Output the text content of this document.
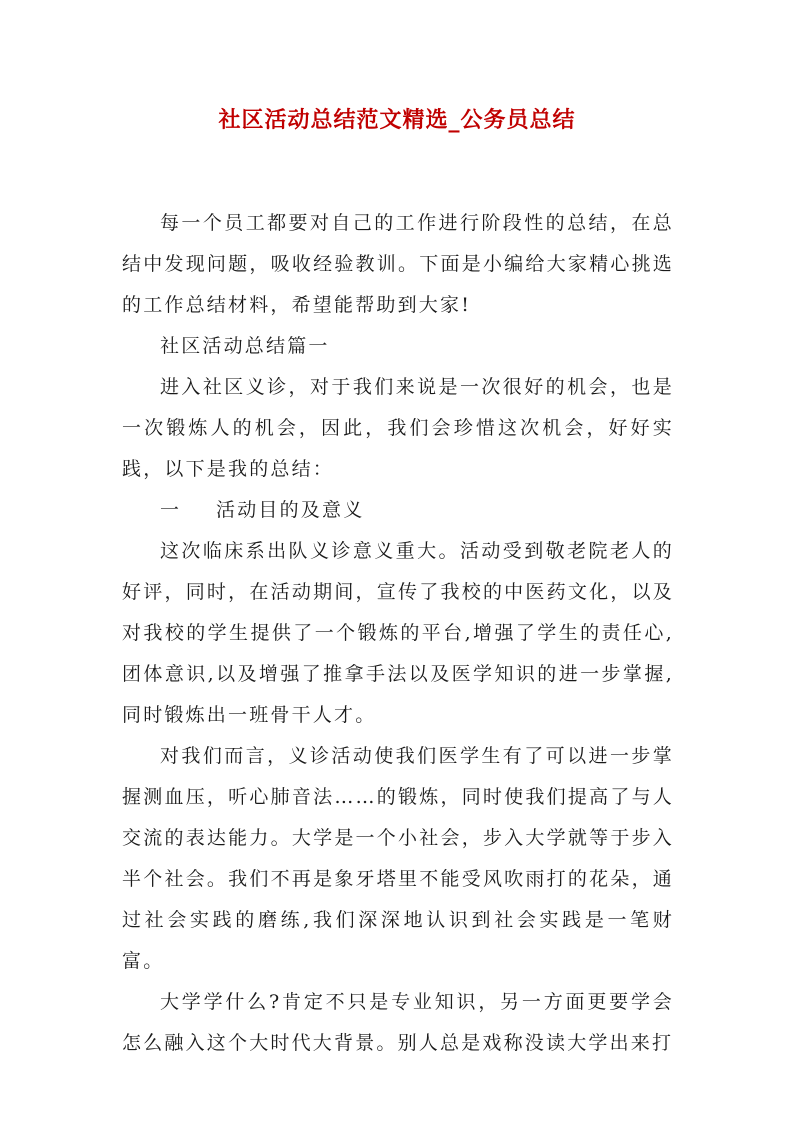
社区活动总结范文精选_公务员总结

每一个员工都要对自己的工作进行阶段性的总结，在总结中发现问题，吸收经验教训。下面是小编给大家精心挑选的工作总结材料，希望能帮助到大家!

社区活动总结篇一

进入社区义诊，对于我们来说是一次很好的机会，也是一次锻炼人的机会，因此，我们会珍惜这次机会，好好实践，以下是我的总结：

一 活动目的及意义

这次临床系出队义诊意义重大。活动受到敬老院老人的好评，同时，在活动期间，宣传了我校的中医药文化，以及对我校的学生提供了一个锻炼的平台,增强了学生的责任心,团体意识,以及增强了推拿手法以及医学知识的进一步掌握,同时锻炼出一班骨干人才。

对我们而言，义诊活动使我们医学生有了可以进一步掌握测血压，听心肺音法……的锻炼，同时使我们提高了与人交流的表达能力。大学是一个小社会，步入大学就等于步入半个社会。我们不再是象牙塔里不能受风吹雨打的花朵，通过社会实践的磨练,我们深深地认识到社会实践是一笔财富。

大学学什么?肯定不只是专业知识，另一方面更要学会怎么融入这个大时代大背景。别人总是戏称没读大学出来打
